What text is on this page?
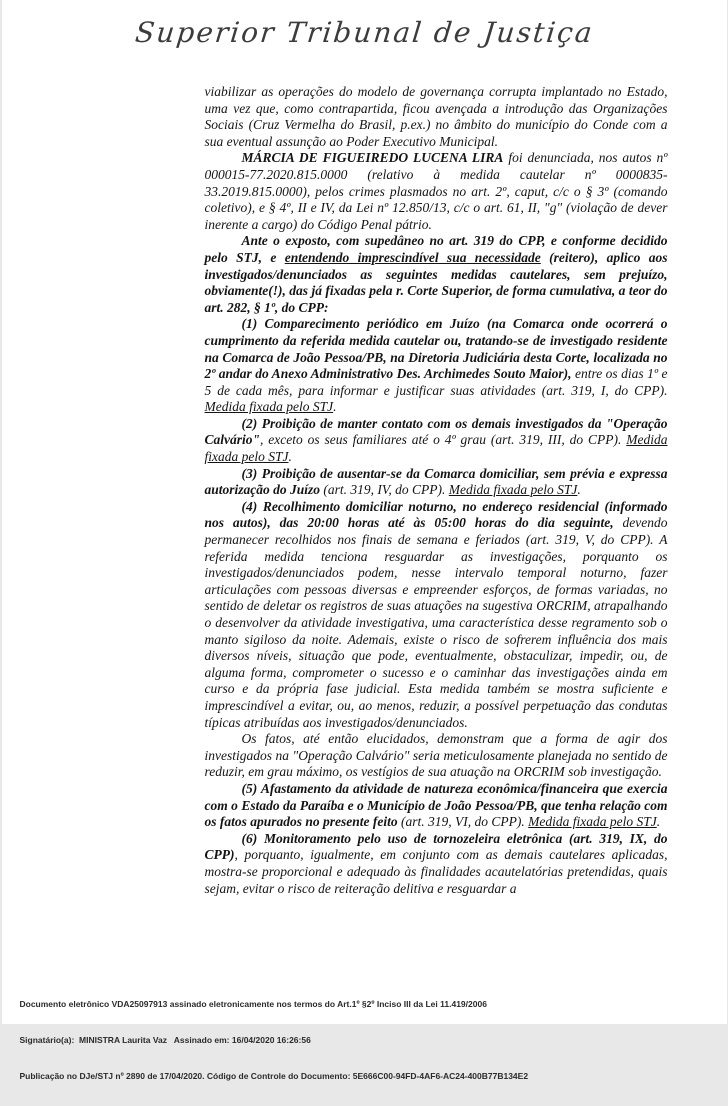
Superior Tribunal de Justiça

viabilizar as operações do modelo de governança corrupta implantado no Estado, uma vez que, como contrapartida, ficou avençada a introdução das Organizações Sociais (Cruz Vermelha do Brasil, p.ex.) no âmbito do município do Conde com a sua eventual assunção ao Poder Executivo Municipal.

MÁRCIA DE FIGUEIREDO LUCENA LIRA foi denunciada, nos autos nº 000015-77.2020.815.0000 (relativo à medida cautelar nº 0000835-33.2019.815.0000), pelos crimes plasmados no art. 2º, caput, c/c o § 3º (comando coletivo), e § 4º, II e IV, da Lei nº 12.850/13, c/c o art. 61, II, "g" (violação de dever inerente a cargo) do Código Penal pátrio.

Ante o exposto, com supedâneo no art. 319 do CPP, e conforme decidido pelo STJ, e entendendo imprescindível sua necessidade (reitero), aplico aos investigados/denunciados as seguintes medidas cautelares, sem prejuízo, obviamente(!), das já fixadas pela r. Corte Superior, de forma cumulativa, a teor do art. 282, § 1º, do CPP:

(1) Comparecimento periódico em Juízo (na Comarca onde ocorrerá o cumprimento da referida medida cautelar ou, tratando-se de investigado residente na Comarca de João Pessoa/PB, na Diretoria Judiciária desta Corte, localizada no 2º andar do Anexo Administrativo Des. Archimedes Souto Maior), entre os dias 1º e 5 de cada mês, para informar e justificar suas atividades (art. 319, I, do CPP). Medida fixada pelo STJ.

(2) Proibição de manter contato com os demais investigados da "Operação Calvário", exceto os seus familiares até o 4º grau (art. 319, III, do CPP). Medida fixada pelo STJ.

(3) Proibição de ausentar-se da Comarca domiciliar, sem prévia e expressa autorização do Juízo (art. 319, IV, do CPP). Medida fixada pelo STJ.

(4) Recolhimento domiciliar noturno, no endereço residencial (informado nos autos), das 20:00 horas até às 05:00 horas do dia seguinte, devendo permanecer recolhidos nos finais de semana e feriados (art. 319, V, do CPP). A referida medida tenciona resguardar as investigações, porquanto os investigados/denunciados podem, nesse intervalo temporal noturno, fazer articulações com pessoas diversas e empreender esforços, de formas variadas, no sentido de deletar os registros de suas atuações na sugestiva ORCRIM, atrapalhando o desenvolver da atividade investigativa, uma característica desse regramento sob o manto sigiloso da noite. Ademais, existe o risco de sofrerem influência dos mais diversos níveis, situação que pode, eventualmente, obstaculizar, impedir, ou, de alguma forma, comprometer o sucesso e o caminhar das investigações ainda em curso e da própria fase judicial. Esta medida também se mostra suficiente e imprescindível a evitar, ou, ao menos, reduzir, a possível perpetuação das condutas típicas atribuídas aos investigados/denunciados.

Os fatos, até então elucidados, demonstram que a forma de agir dos investigados na "Operação Calvário" seria meticulosamente planejada no sentido de reduzir, em grau máximo, os vestígios de sua atuação na ORCRIM sob investigação.

(5) Afastamento da atividade de natureza econômica/financeira que exercia com o Estado da Paraíba e o Município de João Pessoa/PB, que tenha relação com os fatos apurados no presente feito (art. 319, VI, do CPP). Medida fixada pelo STJ.

(6) Monitoramento pelo uso de tornozeleira eletrônica (art. 319, IX, do CPP), porquanto, igualmente, em conjunto com as demais cautelares aplicadas, mostra-se proporcional e adequado às finalidades acautelatórias pretendidas, quais sejam, evitar o risco de reiteração delitiva e resguardar a

Documento eletrônico VDA25097913 assinado eletronicamente nos termos do Art.1º §2º Inciso III da Lei 11.419/2006

Signatário(a):  MINISTRA Laurita Vaz   Assinado em: 16/04/2020 16:26:56

Publicação no DJe/STJ nº 2890 de 17/04/2020. Código de Controle do Documento: 5E666C00-94FD-4AF6-AC24-400B77B134E2
